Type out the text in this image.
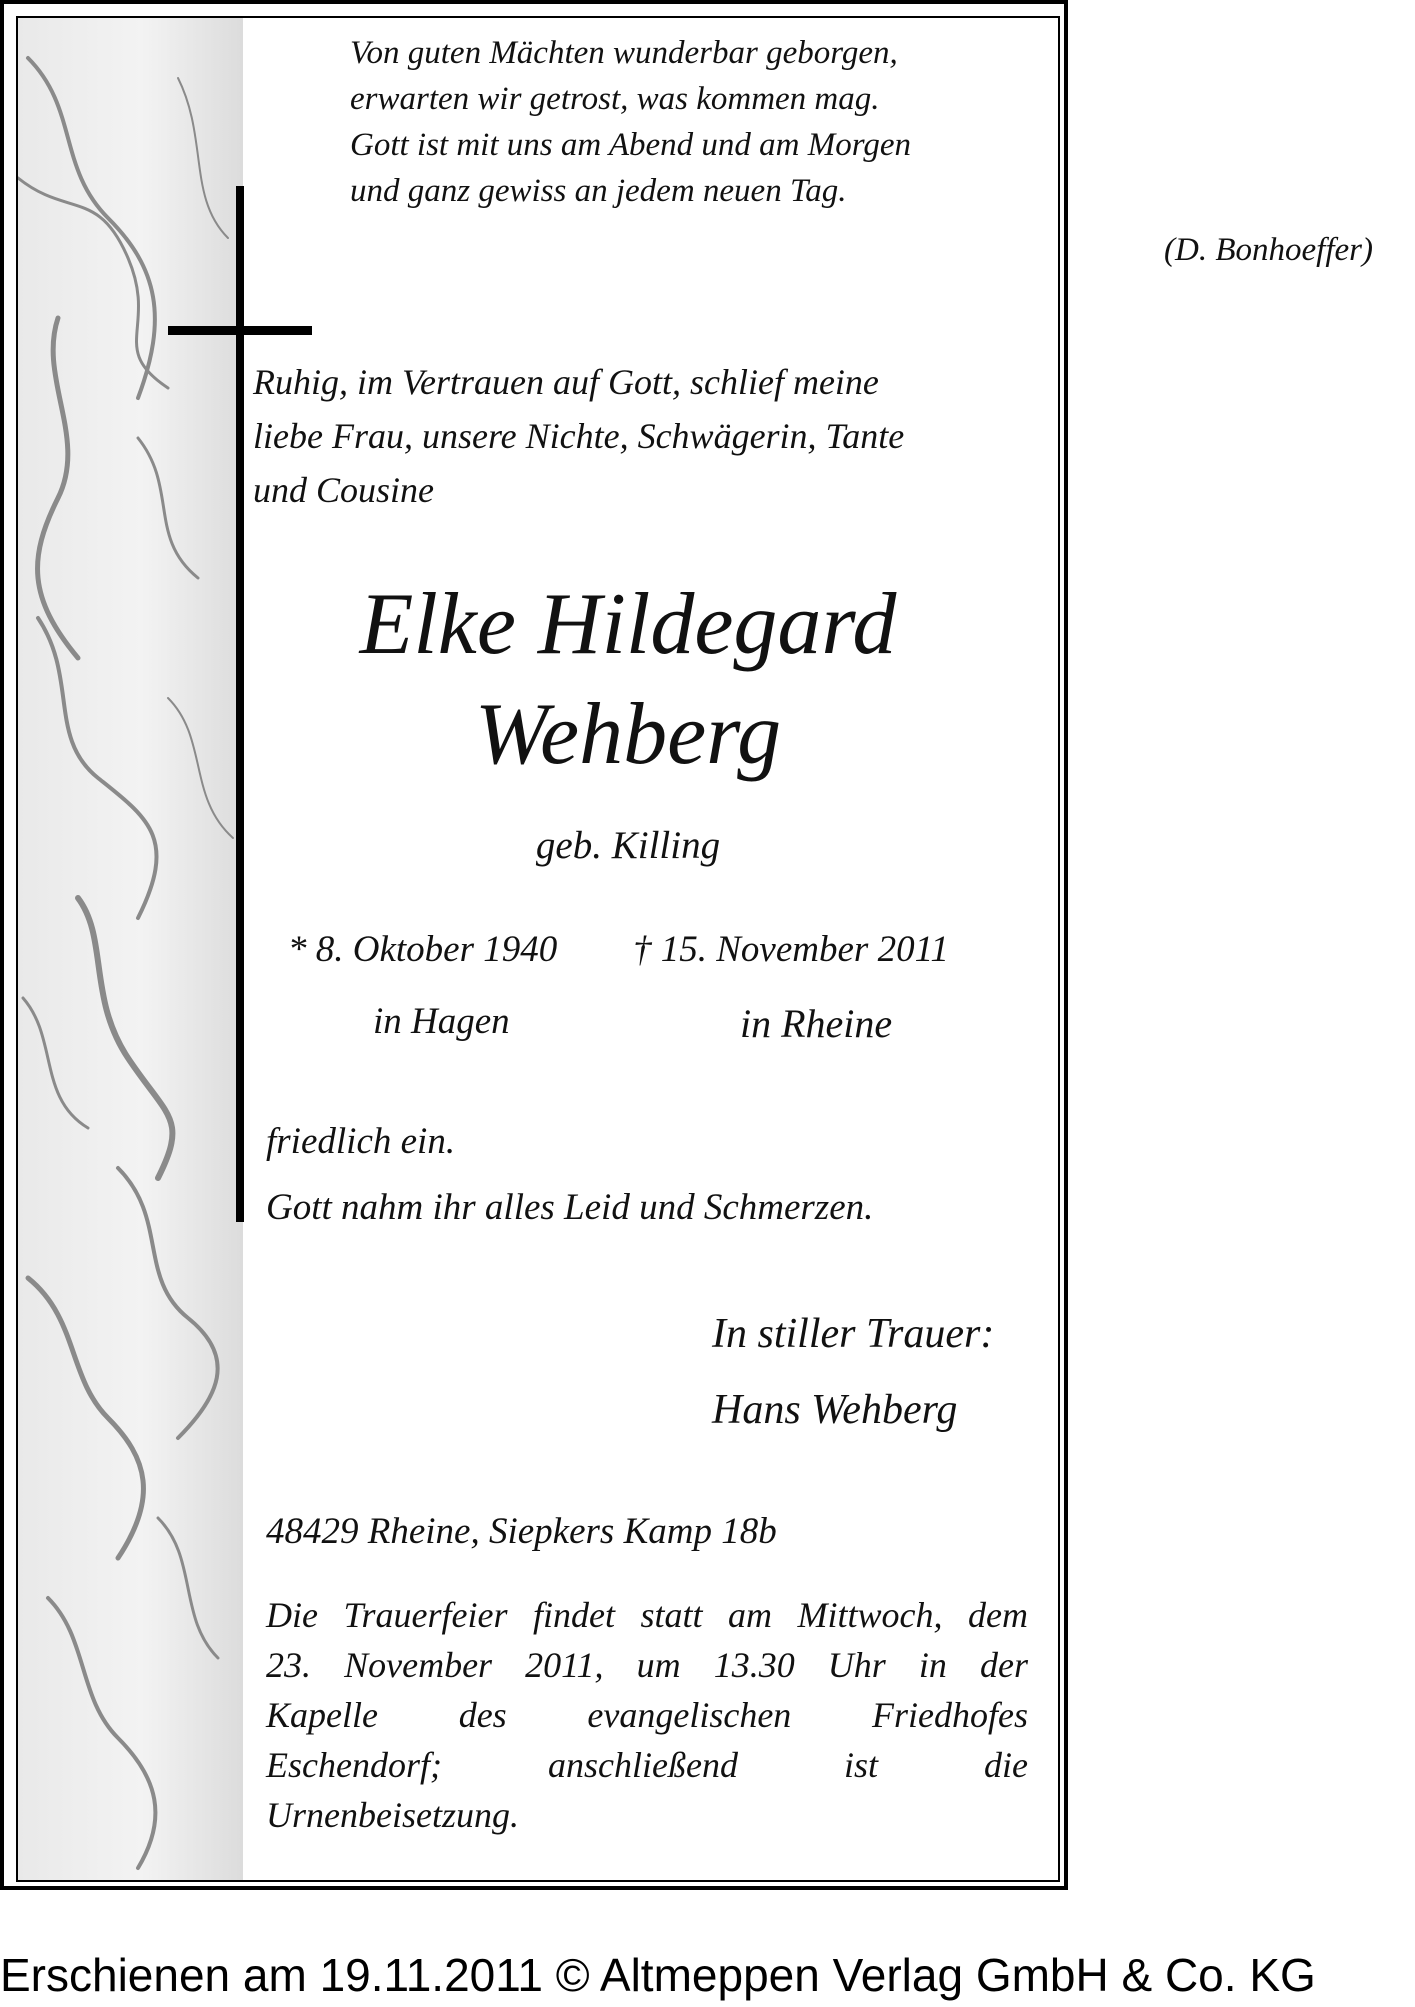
Von guten Mächten wunderbar geborgen,
erwarten wir getrost, was kommen mag.
Gott ist mit uns am Abend und am Morgen
und ganz gewiss an jedem neuen Tag.
(D. Bonhoeffer)
Ruhig, im Vertrauen auf Gott, schlief meine
liebe Frau, unsere Nichte, Schwägerin, Tante
und Cousine
Elke Hildegard
Wehberg
geb. Killing
* 8. Oktober 1940 † 15. November 2011
in Hagen	in Rheine
friedlich ein.
Gott nahm ihr alles Leid und Schmerzen.
In stiller Trauer:
Hans Wehberg
48429 Rheine, Siepkers Kamp 18b

Die Trauerfeier findet statt am Mittwoch, dem

23. November 2011, um 13.30 Uhr in der

Kapelle des evangelischen Friedhofes

Eschendorf; anschließend ist die

Urnenbeisetzung.

Erschienen am 19.11.2011 © Altmeppen Verlag GmbH & Co. KG
